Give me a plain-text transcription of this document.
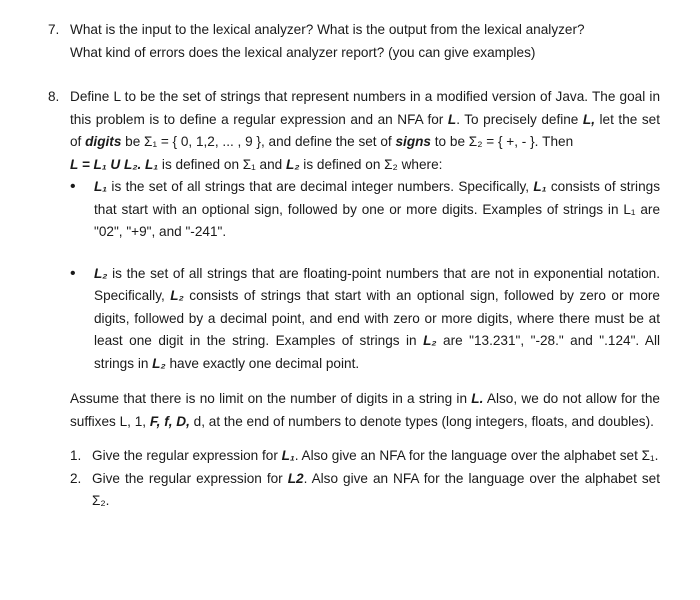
7. What is the input to the lexical analyzer? What is the output from the lexical analyzer?
What kind of errors does the lexical analyzer report? (you can give examples)
8. Define L to be the set of strings that represent numbers in a modified version of Java. The goal in this problem is to define a regular expression and an NFA for L. To precisely define L, let the set of digits be Σ₁ = { 0, 1,2, ... , 9 }, and define the set of signs to be Σ₂ = { +, - }. Then
L = L₁ U L₂. L₁ is defined on Σ₁ and L₂ is defined on Σ₂ where:
•	L₁ is the set of all strings that are decimal integer numbers. Specifically, L₁ consists of strings that start with an optional sign, followed by one or more digits. Examples of strings in L₁ are "02", "+9", and "-241".
•	L₂ is the set of all strings that are floating-point numbers that are not in exponential notation. Specifically, L₂ consists of strings that start with an optional sign, followed by zero or more digits, followed by a decimal point, and end with zero or more digits, where there must be at least one digit in the string. Examples of strings in L₂ are "13.231", "-28." and ".124". All strings in L₂ have exactly one decimal point.
Assume that there is no limit on the number of digits in a string in L. Also, we do not allow for the suffixes L, 1, F, f, D, d, at the end of numbers to denote types (long integers, floats, and doubles).
1. Give the regular expression for L₁. Also give an NFA for the language over the alphabet set Σ₁.
2. Give the regular expression for L2. Also give an NFA for the language over the alphabet set Σ₂.
